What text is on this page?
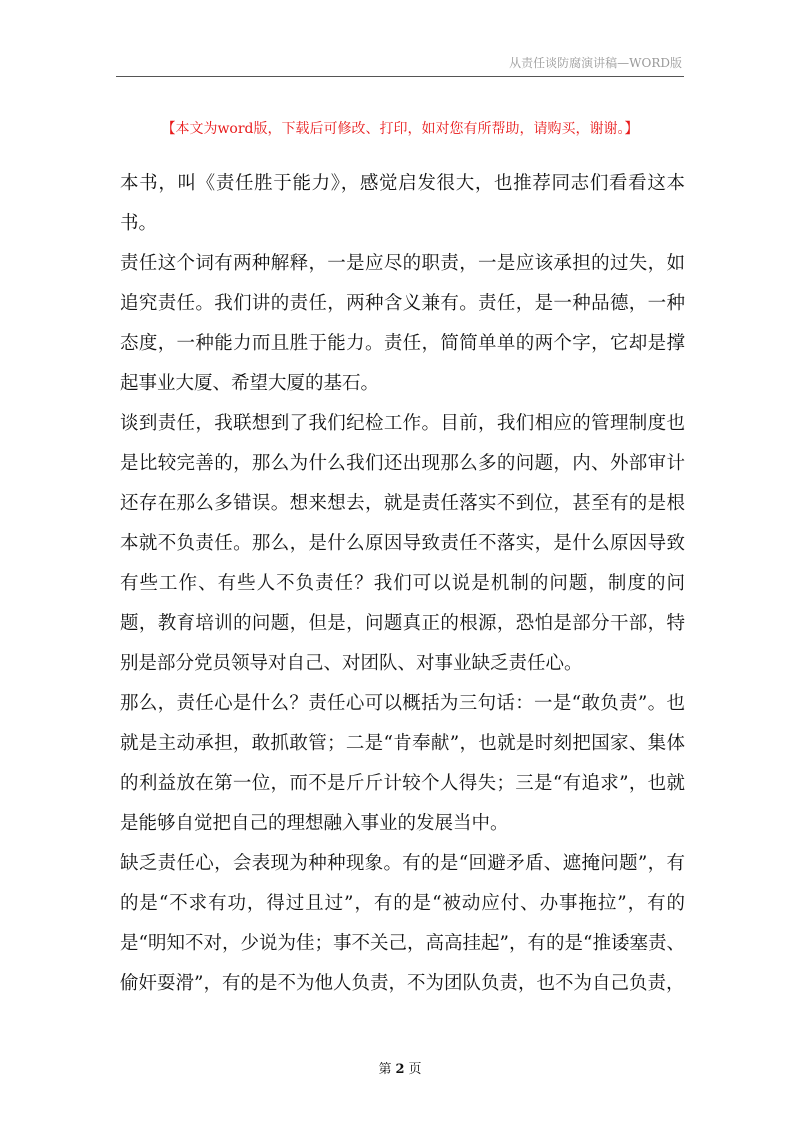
从责任谈防腐演讲稿—WORD版
【本文为word版，下载后可修改、打印，如对您有所帮助，请购买，谢谢。】

本书，叫《责任胜于能力》，感觉启发很大，也推荐同志们看看这本书。

责任这个词有两种解释，一是应尽的职责，一是应该承担的过失，如追究责任。我们讲的责任，两种含义兼有。责任，是一种品德，一种态度，一种能力而且胜于能力。责任，简简单单的两个字，它却是撑起事业大厦、希望大厦的基石。

谈到责任，我联想到了我们纪检工作。目前，我们相应的管理制度也是比较完善的，那么为什么我们还出现那么多的问题，内、外部审计还存在那么多错误。想来想去，就是责任落实不到位，甚至有的是根本就不负责任。那么，是什么原因导致责任不落实，是什么原因导致有些工作、有些人不负责任？我们可以说是机制的问题，制度的问题，教育培训的问题，但是，问题真正的根源，恐怕是部分干部，特别是部分党员领导对自己、对团队、对事业缺乏责任心。

那么，责任心是什么？责任心可以概括为三句话：一是“敢负责”。也就是主动承担，敢抓敢管；二是“肯奉献”，也就是时刻把国家、集体的利益放在第一位，而不是斤斤计较个人得失；三是“有追求”，也就是能够自觉把自己的理想融入事业的发展当中。

缺乏责任心，会表现为种种现象。有的是“回避矛盾、遮掩问题”，有的是“不求有功，得过且过”，有的是“被动应付、办事拖拉”，有的是“明知不对，少说为佳；事不关己，高高挂起”，有的是“推诿塞责、偷奸耍滑”，有的是不为他人负责，不为团队负责，也不为自己负责，

第 2 页
